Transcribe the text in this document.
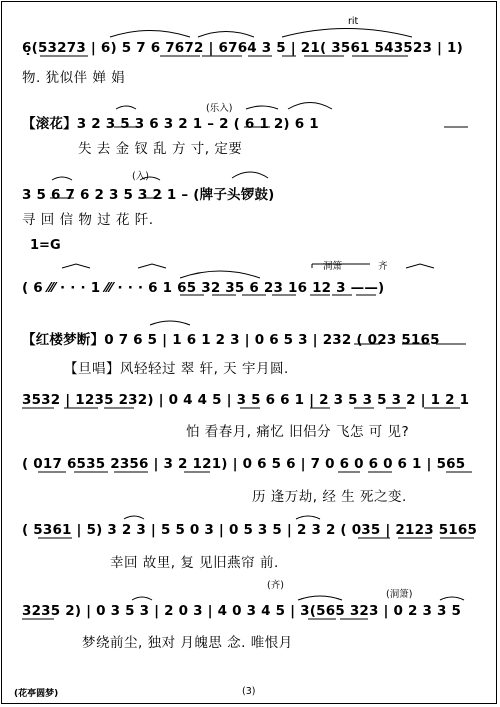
rit
6̣(53273 | 6) 5 7 6 7672 | 6764 3 5 | 21( 3561 543523 | 1)
物. 犹似伴 婵 娟
(乐入)
【滚花】3 2 3 5 3 6 3 2 1 – 2 ( 6 1 2) 6 1
失 去 金 钗 乱 方 寸, 定要
(入)
3 5 6 7 6 2 3 5 3 2 1 – (牌子头锣鼓)
寻 回 信 物 过 花 阡.
1=G
洞箫	齐
( 6 ⁄⁄⁄ · · · 1 ⁄⁄⁄ · · · 6 1 65 32 35 6 23 16 12 3 ——)
【红楼梦断】0 7 6 5 | 1 6 1 2 3 | 0 6 5 3 | 232 ( 023 5165
【旦唱】风轻轻过 翠 轩, 天 宇月圆.
3532 | 1235 232) | 0 4 4 5 | 3 5 6 6 1 | 2 3 5 3 5 3 2 | 1 2 1
怕 看春月, 痛忆 旧侣分 飞怎 可 见?
( 017 6535 2356 | 3 2 121) | 0 6 5 6 | 7 0 6 0 6 0 6 1 | 565
历 逢万劫, 经 生 死之变.
( 5361 | 5) 3 2 3 | 5 5 0 3 | 0 5 3 5 | 2 3 2 ( 035 | 2123 5165
幸回 故里, 复 见旧燕帘 前.
(齐)
(洞箫)
3235 2) | 0 3 5 3 | 2 0 3 | 4 0 3 4 5 | 3(565 323 | 0 2 3 3 5
梦绕前尘, 独对 月魄思 念. 唯恨月
(花亭圆梦)	(3)
